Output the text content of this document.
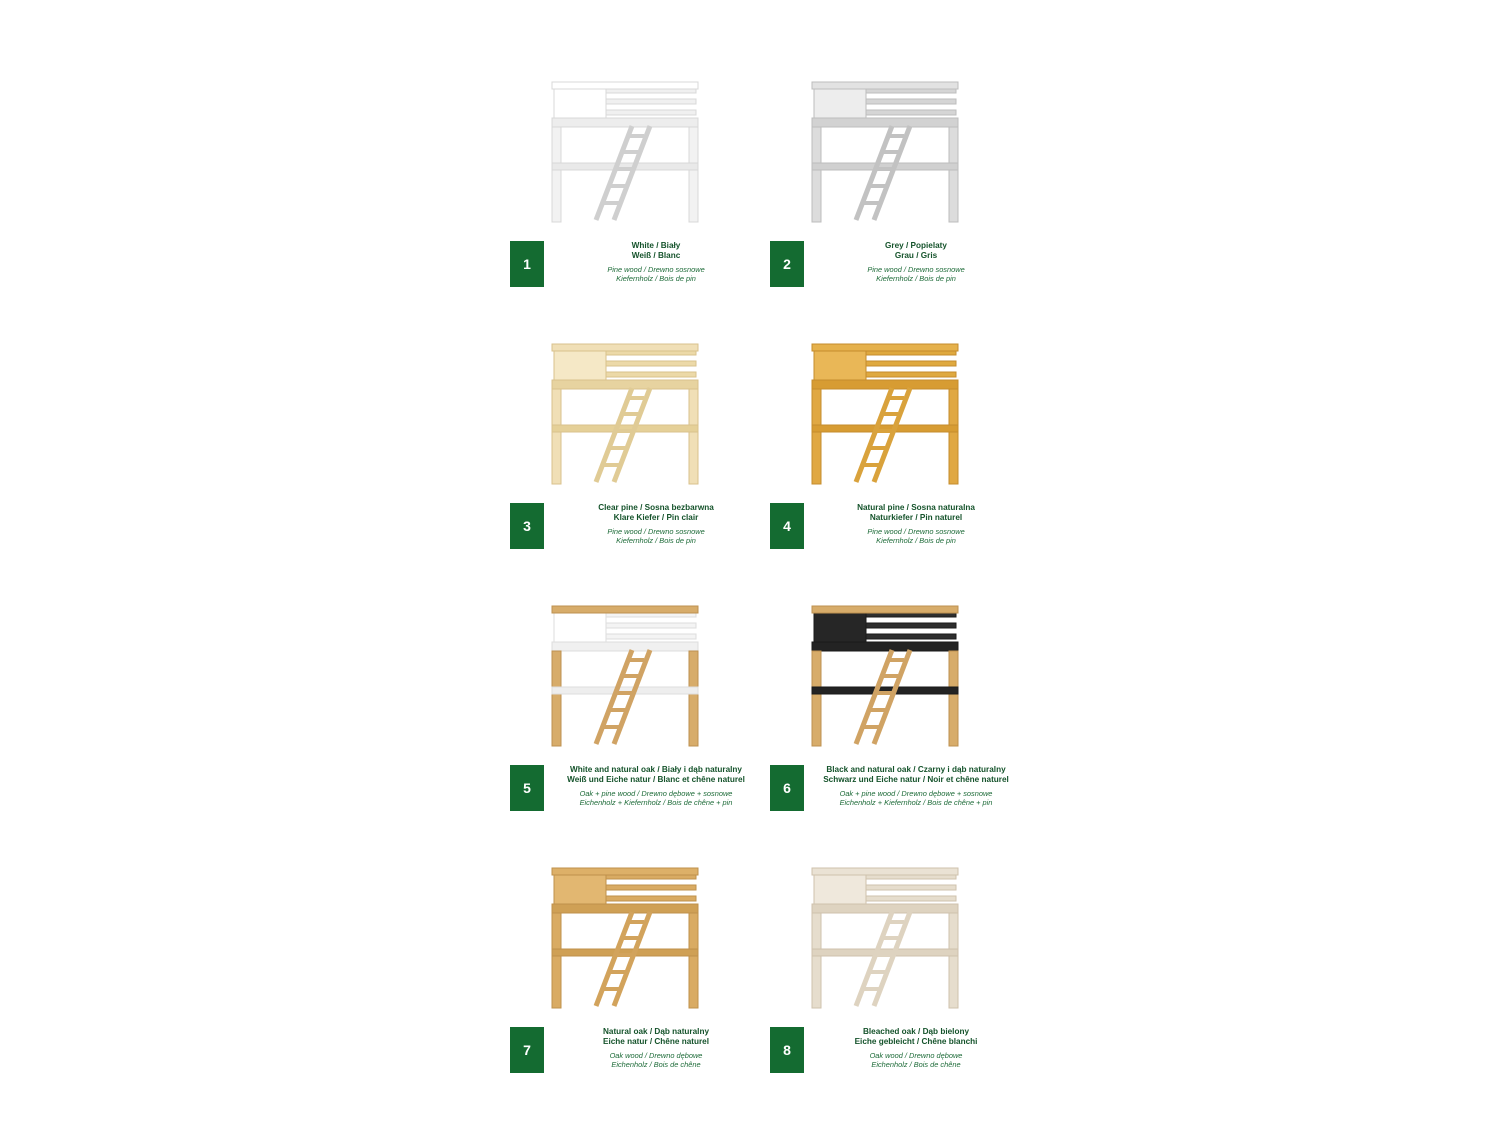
1
White / Biały
Weiß / Blanc
Pine wood / Drewno sosnowe
Kiefernholz / Bois de pin
2
Grey / Popielaty
Grau / Gris
Pine wood / Drewno sosnowe
Kiefernholz / Bois de pin
3
Clear pine / Sosna bezbarwna
Klare Kiefer / Pin clair
Pine wood / Drewno sosnowe
Kiefernholz / Bois de pin
4
Natural pine / Sosna naturalna
Naturkiefer / Pin naturel
Pine wood / Drewno sosnowe
Kiefernholz / Bois de pin
5
White and natural oak / Biały i dąb naturalny
Weiß und Eiche natur / Blanc et chêne naturel
Oak + pine wood / Drewno dębowe + sosnowe
Eichenholz + Kiefernholz / Bois de chêne + pin
6
Black and natural oak / Czarny i dąb naturalny
Schwarz und Eiche natur / Noir et chêne naturel
Oak + pine wood / Drewno dębowe + sosnowe
Eichenholz + Kiefernholz / Bois de chêne + pin
7
Natural oak / Dąb naturalny
Eiche natur / Chêne naturel
Oak wood / Drewno dębowe
Eichenholz / Bois de chêne
8
Bleached oak / Dąb bielony
Eiche gebleicht / Chêne blanchi
Oak wood / Drewno dębowe
Eichenholz / Bois de chêne
